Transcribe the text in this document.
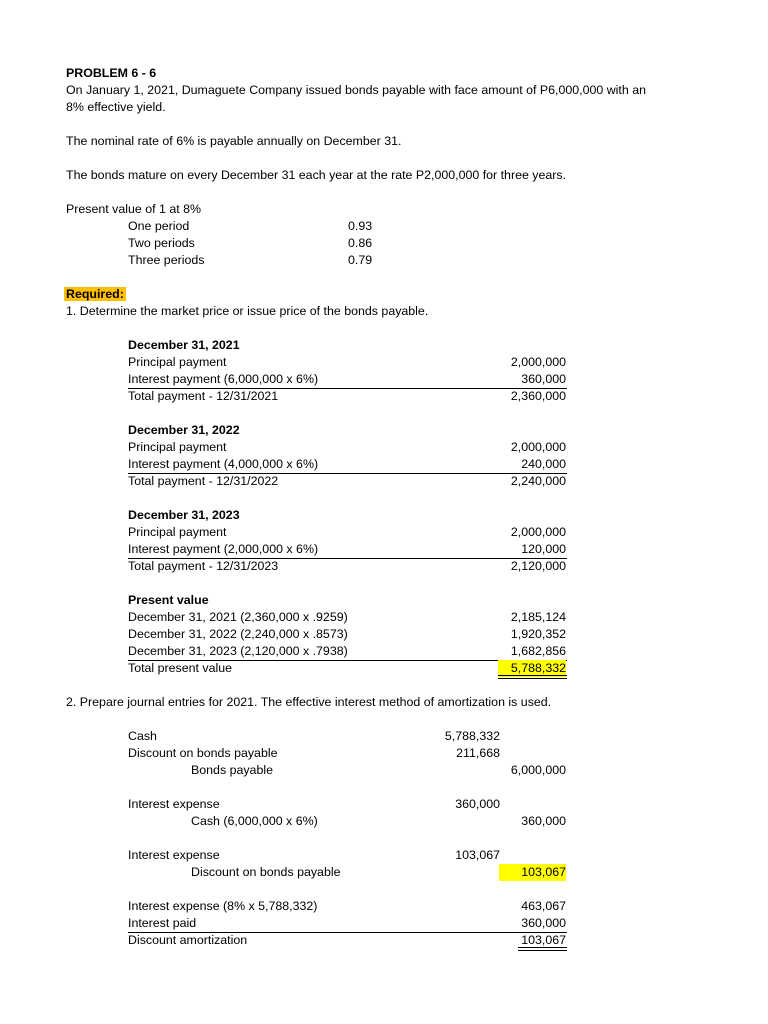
PROBLEM 6 - 6
On January 1, 2021, Dumaguete Company issued bonds payable with face amount of P6,000,000 with an
8% effective yield.
The nominal rate of 6% is payable annually on December 31.
The bonds mature on every December 31 each year at the rate P2,000,000 for three years.
Present value of 1 at 8%
One period	0.93
Two periods	0.86
Three periods	0.79
Required:
1. Determine the market price or issue price of the bonds payable.
December 31, 2021
Principal payment	2,000,000
Interest payment (6,000,000 x 6%)	360,000
Total payment - 12/31/2021	2,360,000
December 31, 2022
Principal payment	2,000,000
Interest payment (4,000,000 x 6%)	240,000
Total payment - 12/31/2022	2,240,000
December 31, 2023
Principal payment	2,000,000
Interest payment (2,000,000 x 6%)	120,000
Total payment - 12/31/2023	2,120,000
Present value
December 31, 2021 (2,360,000 x .9259)	2,185,124
December 31, 2022 (2,240,000 x .8573)	1,920,352
December 31, 2023 (2,120,000 x .7938)	1,682,856
Total present value	5,788,332
2. Prepare journal entries for 2021. The effective interest method of amortization is used.
Cash	5,788,332
Discount on bonds payable	211,668
Bonds payable	6,000,000
Interest expense	360,000
Cash (6,000,000 x 6%)	360,000
Interest expense	103,067
Discount on bonds payable	103,067
Interest expense (8% x 5,788,332)	463,067
Interest paid	360,000
Discount amortization	103,067
